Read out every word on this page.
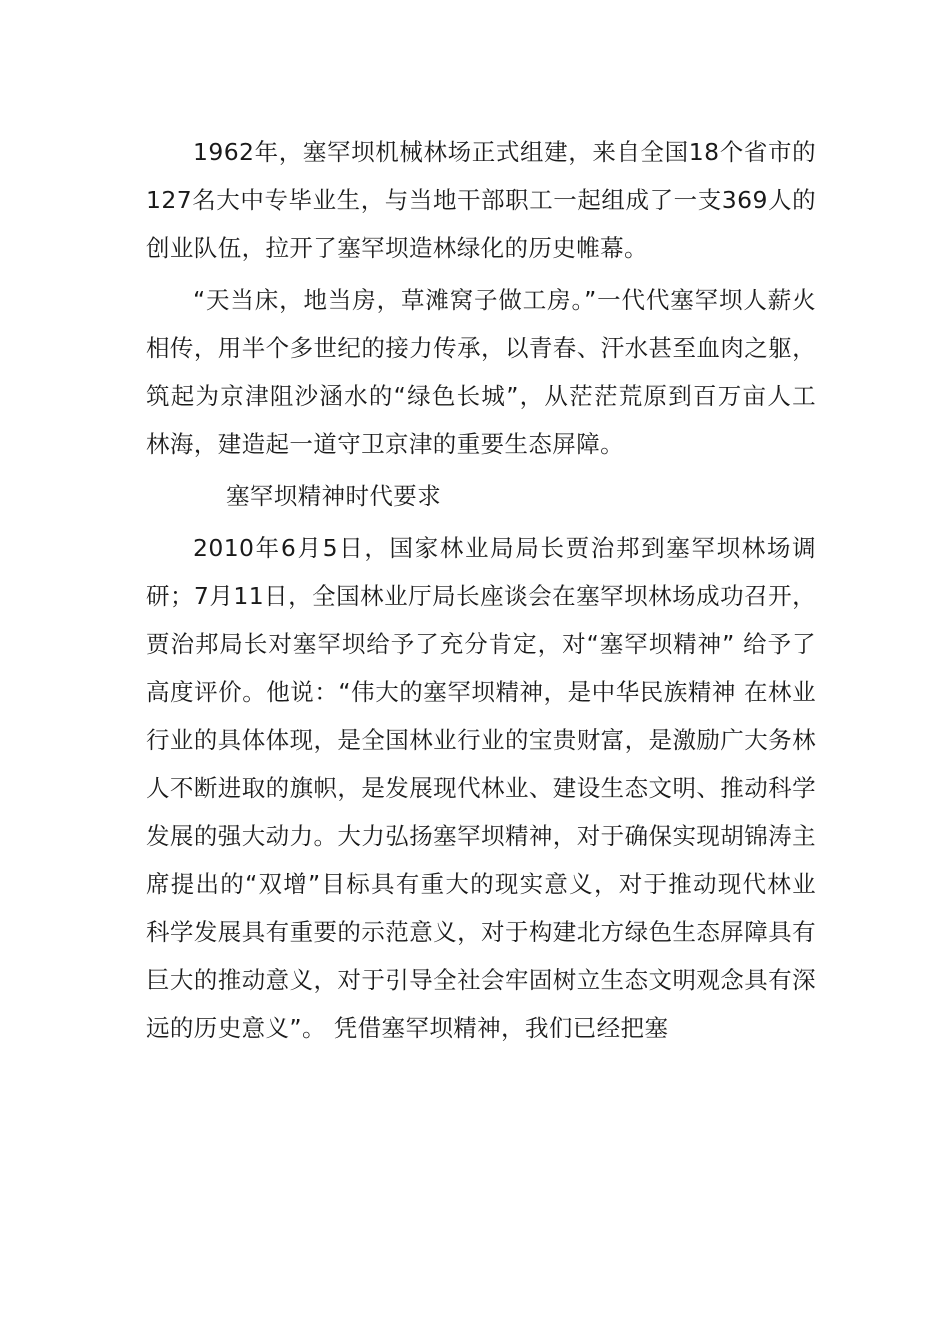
1962年，塞罕坝机械林场正式组建，来自全国18个省市的127名大中专毕业生，与当地干部职工一起组成了一支369人的创业队伍，拉开了塞罕坝造林绿化的历史帷幕。

“天当床，地当房，草滩窝子做工房。”一代代塞罕坝人薪火相传，用半个多世纪的接力传承，以青春、汗水甚至血肉之躯，筑起为京津阻沙涵水的“绿色长城”，从茫茫荒原到百万亩人工林海，建造起一道守卫京津的重要生态屏障。

塞罕坝精神时代要求

2010年6月5日，国家林业局局长贾治邦到塞罕坝林场调研；7月11日，全国林业厅局长座谈会在塞罕坝林场成功召开，贾治邦局长对塞罕坝给予了充分肯定，对“塞罕坝精神” 给予了高度评价。他说：“伟大的塞罕坝精神，是中华民族精神 在林业行业的具体体现，是全国林业行业的宝贵财富，是激励广大务林人不断进取的旗帜，是发展现代林业、建设生态文明、推动科学发展的强大动力。大力弘扬塞罕坝精神，对于确保实现胡锦涛主席提出的“双增”目标具有重大的现实意义，对于推动现代林业科学发展具有重要的示范意义，对于构建北方绿色生态屏障具有巨大的推动意义，对于引导全社会牢固树立生态文明观念具有深远的历史意义”。 凭借塞罕坝精神，我们已经把塞
